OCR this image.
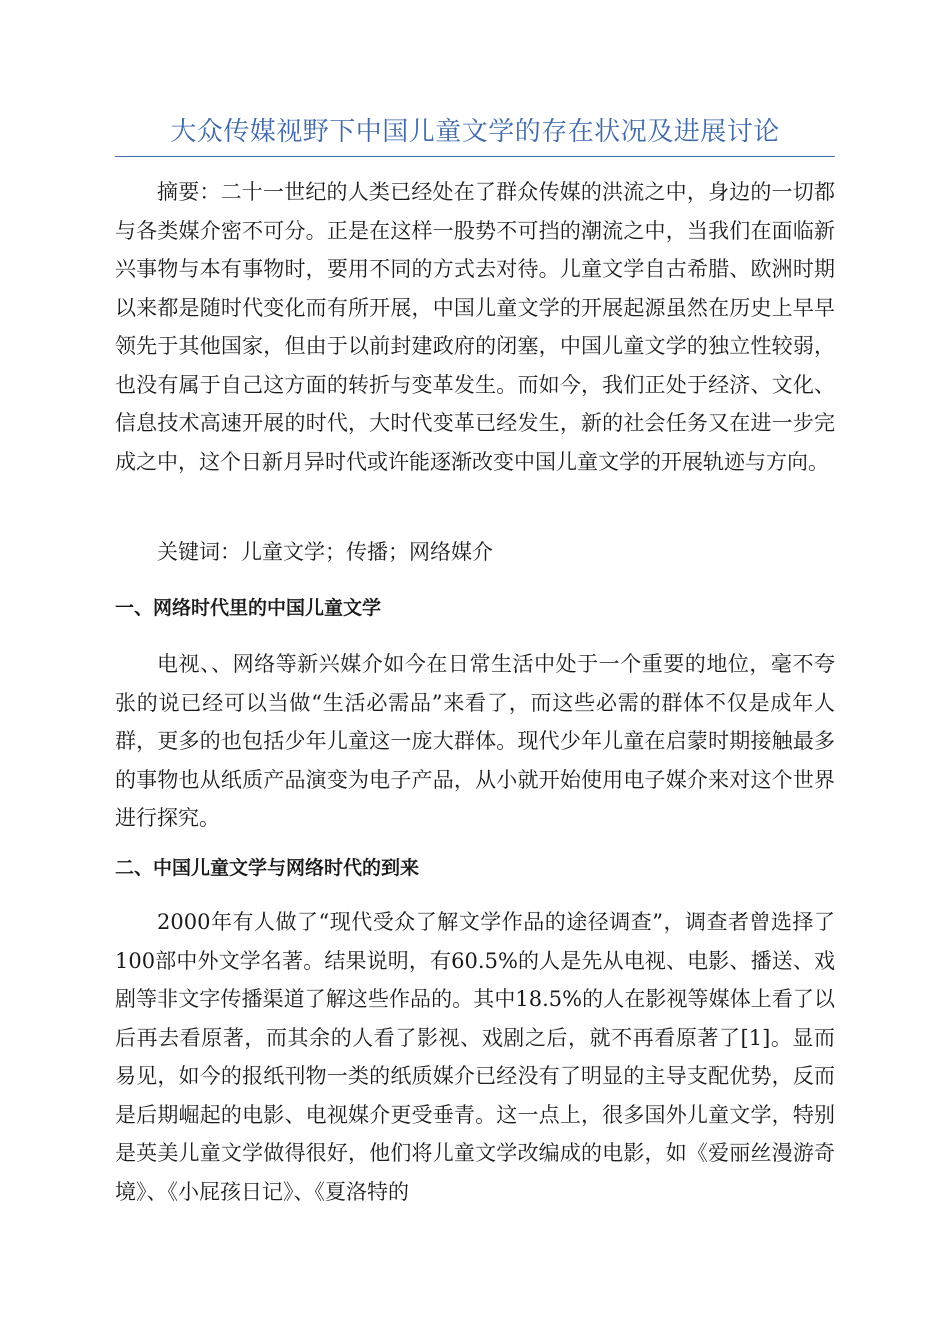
大众传媒视野下中国儿童文学的存在状况及进展讨论
摘要：二十一世纪的人类已经处在了群众传媒的洪流之中，身边的一切都与各类媒介密不可分。正是在这样一股势不可挡的潮流之中，当我们在面临新兴事物与本有事物时，要用不同的方式去对待。儿童文学自古希腊、欧洲时期以来都是随时代变化而有所开展，中国儿童文学的开展起源虽然在历史上早早领先于其他国家，但由于以前封建政府的闭塞，中国儿童文学的独立性较弱，也没有属于自己这方面的转折与变革发生。而如今，我们正处于经济、文化、信息技术高速开展的时代，大时代变革已经发生，新的社会任务又在进一步完成之中，这个日新月异时代或许能逐渐改变中国儿童文学的开展轨迹与方向。
关键词：儿童文学；传播；网络媒介
一、网络时代里的中国儿童文学
电视、、网络等新兴媒介如今在日常生活中处于一个重要的地位，毫不夸张的说已经可以当做“生活必需品”来看了，而这些必需的群体不仅是成年人群，更多的也包括少年儿童这一庞大群体。现代少年儿童在启蒙时期接触最多的事物也从纸质产品演变为电子产品，从小就开始使用电子媒介来对这个世界进行探究。
二、中国儿童文学与网络时代的到来
2000年有人做了“现代受众了解文学作品的途径调查”，调查者曾选择了100部中外文学名著。结果说明，有60.5%的人是先从电视、电影、播送、戏剧等非文字传播渠道了解这些作品的。其中18.5%的人在影视等媒体上看了以后再去看原著，而其余的人看了影视、戏剧之后，就不再看原著了[1]。显而易见，如今的报纸刊物一类的纸质媒介已经没有了明显的主导支配优势，反而是后期崛起的电影、电视媒介更受垂青。这一点上，很多国外儿童文学，特别是英美儿童文学做得很好，他们将儿童文学改编成的电影，如《爱丽丝漫游奇境》、《小屁孩日记》、《夏洛特的
